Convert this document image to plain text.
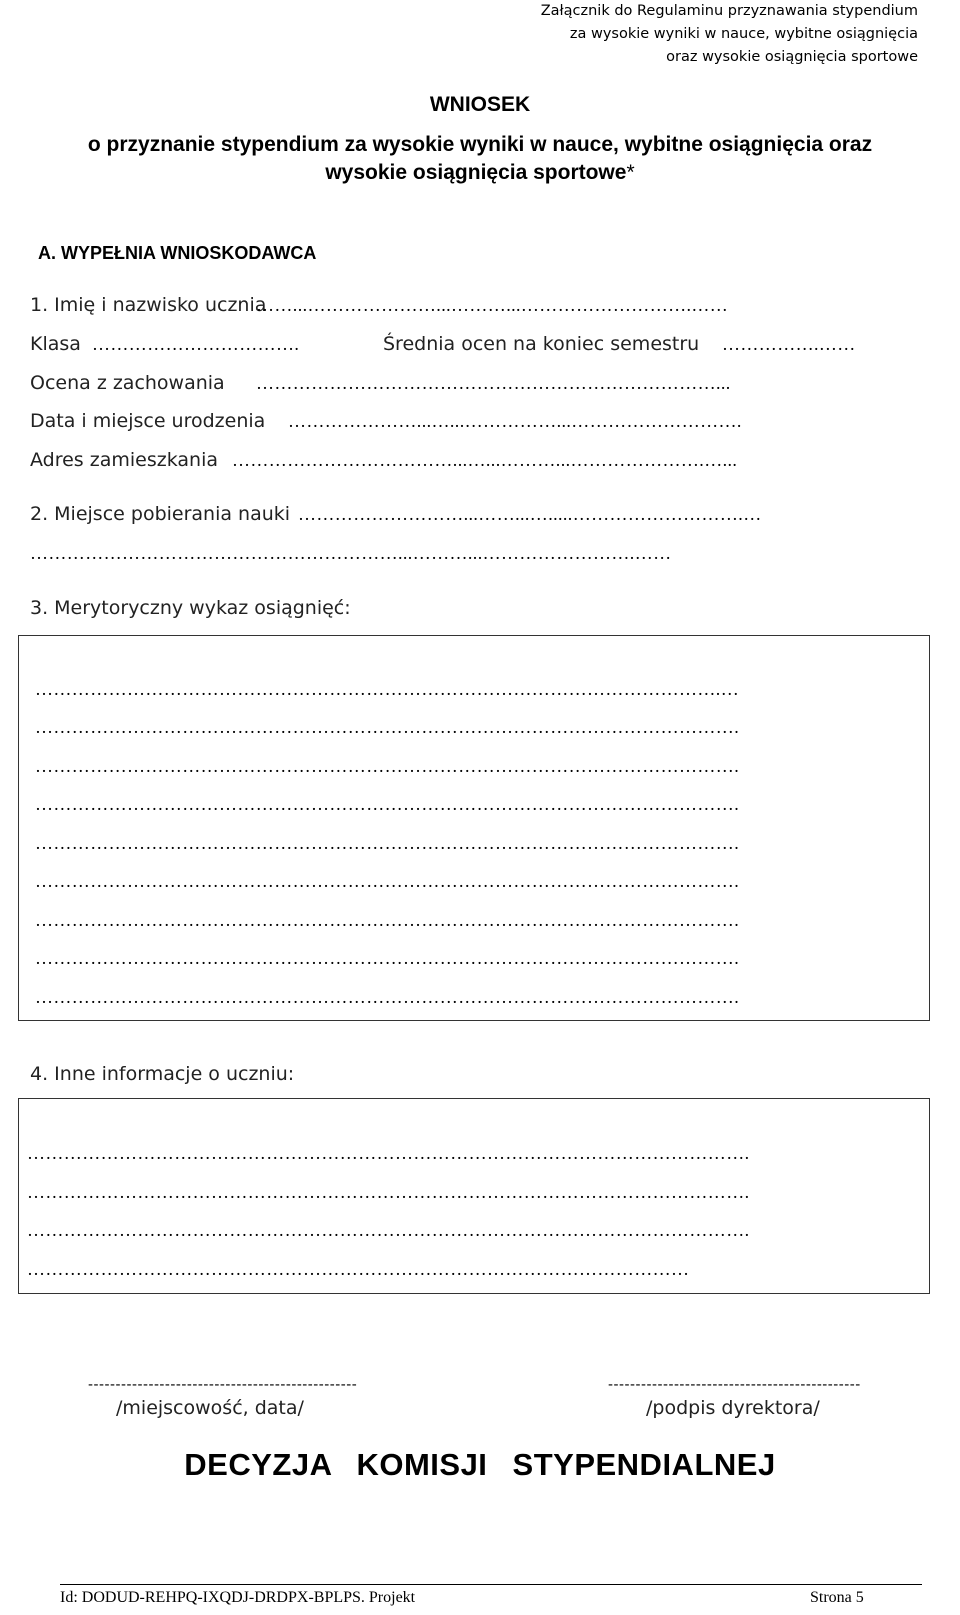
Załącznik do Regulaminu przyznawania stypendium
za wysokie wyniki w nauce, wybitne osiągnięcia
oraz wysokie osiągnięcia sportowe
WNIOSEK
o przyznanie stypendium za wysokie wyniki w nauce, wybitne osiągnięcia oraz
wysokie osiągnięcia sportowe*
A. WYPEŁNIA WNIOSKODAWCA
1. Imię i nazwisko ucznia
……...…………………...………...……………………….……
Klasa …………………………….	Średnia ocen na koniec semestru …………….……
Ocena z zachowania …………………………………………………………………...
Data i miejsce urodzenia …………………...…...……………...……………………….
Adres zamieszkania ………………………………...…...………...………………….…...
2. Miejsce pobierania nauki ………………………...……...….....……………………….…
……………………………………………………...………...…………………….……
3. Merytoryczny wykaz osiągnięć:
………………………………………………………………………………………………….…
…………………………………………………………………………………………………….
…………………………………………………………………………………………………….
…………………………………………………………………………………………………….
…………………………………………………………………………………………………….
…………………………………………………………………………………………………….
…………………………………………………………………………………………………….
…………………………………………………………………………………………………….
…………………………………………………………………………………………………….
4. Inne informacje o uczniu:
……………………………………………………………………………………………………….
……………………………………………………………………………………………………….
……………………………………………………………………………………………………….
………………………………………………………………………………………………
-------------------------------------------------
/miejscowość, data/
----------------------------------------------
/podpis dyrektora/
DECYZJA KOMISJI STYPENDIALNEJ
Id: DODUD-REHPQ-IXQDJ-DRDPX-BPLPS. Projekt	Strona 5
